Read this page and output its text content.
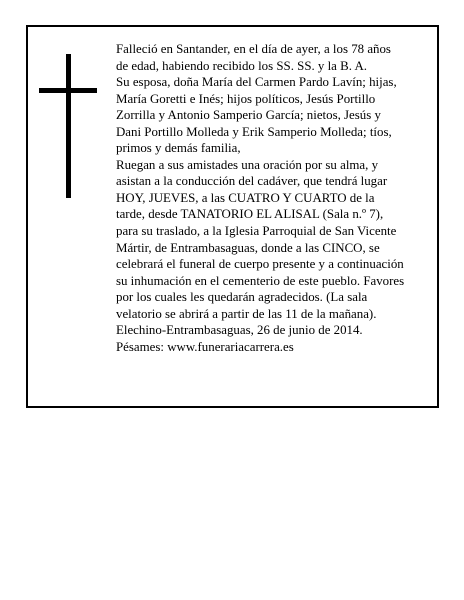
Falleció en Santander, en el día de ayer, a los 78 años
de edad, habiendo recibido los SS. SS. y la B. A.
Su esposa, doña María del Carmen Pardo Lavín; hijas,
María Goretti e Inés; hijos políticos, Jesús Portillo
Zorrilla y Antonio Samperio García; nietos, Jesús y
Dani Portillo Molleda y Erik Samperio Molleda; tíos,
primos y demás familia,
Ruegan a sus amistades una oración por su alma, y
asistan a la conducción del cadáver, que tendrá lugar
HOY, JUEVES, a las CUATRO Y CUARTO de la
tarde, desde TANATORIO EL ALISAL (Sala n.º 7),
para su traslado, a la Iglesia Parroquial de San Vicente
Mártir, de Entrambasaguas, donde a las CINCO, se
celebrará el funeral de cuerpo presente y a continuación
su inhumación en el cementerio de este pueblo. Favores
por los cuales les quedarán agradecidos. (La sala
velatorio se abrirá a partir de las 11 de la mañana).
Elechino-Entrambasaguas, 26 de junio de 2014.
Pésames: www.funerariacarrera.es
